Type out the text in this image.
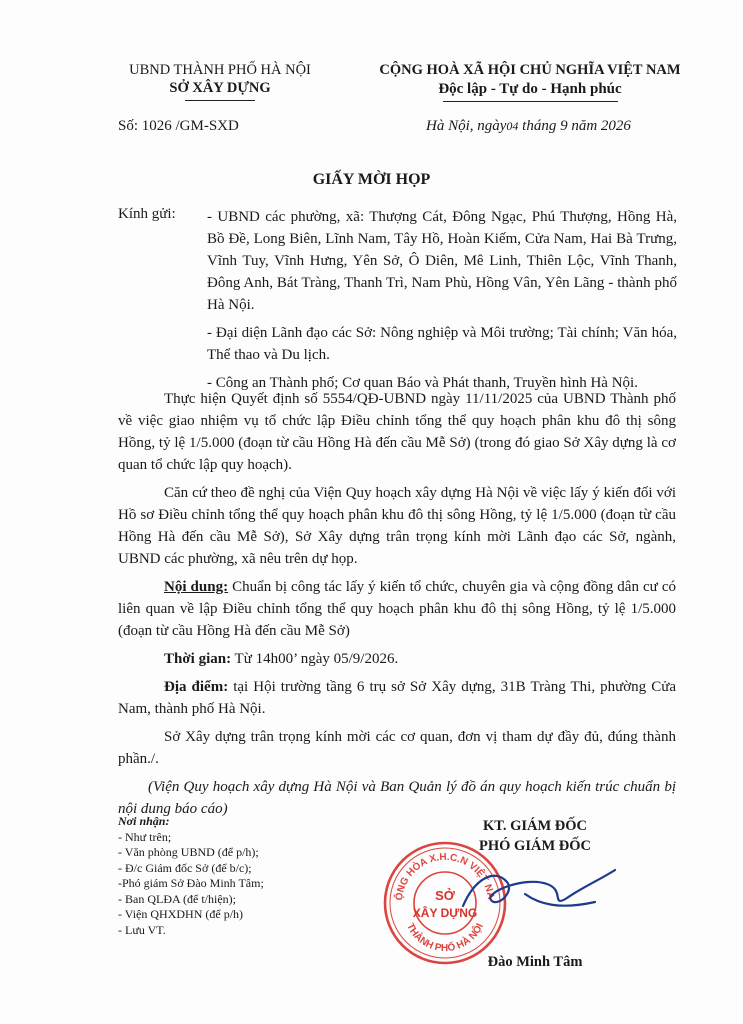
UBND THÀNH PHỐ HÀ NỘI
SỞ XÂY DỰNG
CỘNG HOÀ XÃ HỘI CHỦ NGHĨA VIỆT NAM
Độc lập - Tự do - Hạnh phúc
Số: 1026 /GM-SXD	Hà Nội, ngày04 tháng 9 năm 2026
GIẤY MỜI HỌP
Kính gửi: - UBND các phường, xã: Thượng Cát, Đông Ngạc, Phú Thượng, Hồng Hà, Bồ Đề, Long Biên, Lĩnh Nam, Tây Hồ, Hoàn Kiếm, Cửa Nam, Hai Bà Trưng, Vĩnh Tuy, Vĩnh Hưng, Yên Sở, Ô Diên, Mê Linh, Thiên Lộc, Vĩnh Thanh, Đông Anh, Bát Tràng, Thanh Trì, Nam Phù, Hồng Vân, Yên Lãng - thành phố Hà Nội.
- Đại diện Lãnh đạo các Sở: Nông nghiệp và Môi trường; Tài chính; Văn hóa, Thể thao và Du lịch.
- Công an Thành phố; Cơ quan Báo và Phát thanh, Truyền hình Hà Nội.
Thực hiện Quyết định số 5554/QĐ-UBND ngày 11/11/2025 của UBND Thành phố về việc giao nhiệm vụ tổ chức lập Điều chỉnh tổng thể quy hoạch phân khu đô thị sông Hồng, tỷ lệ 1/5.000 (đoạn từ cầu Hồng Hà đến cầu Mễ Sở) (trong đó giao Sở Xây dựng là cơ quan tổ chức lập quy hoạch).
Căn cứ theo đề nghị của Viện Quy hoạch xây dựng Hà Nội về việc lấy ý kiến đối với Hồ sơ Điều chỉnh tổng thể quy hoạch phân khu đô thị sông Hồng, tỷ lệ 1/5.000 (đoạn từ cầu Hồng Hà đến cầu Mễ Sở), Sở Xây dựng trân trọng kính mời Lãnh đạo các Sở, ngành, UBND các phường, xã nêu trên dự họp.
Nội dung: Chuẩn bị công tác lấy ý kiến tổ chức, chuyên gia và cộng đồng dân cư có liên quan về lập Điều chỉnh tổng thể quy hoạch phân khu đô thị sông Hồng, tỷ lệ 1/5.000 (đoạn từ cầu Hồng Hà đến cầu Mễ Sở)
Thời gian: Từ 14h00’ ngày 05/9/2026.
Địa điểm: tại Hội trường tầng 6 trụ sở Sở Xây dựng, 31B Tràng Thi, phường Cửa Nam, thành phố Hà Nội.
Sở Xây dựng trân trọng kính mời các cơ quan, đơn vị tham dự đầy đủ, đúng thành phần./.
(Viện Quy hoạch xây dựng Hà Nội và Ban Quản lý đồ án quy hoạch kiến trúc chuẩn bị nội dung báo cáo)
Nơi nhận:
- Như trên;
- Văn phòng UBND (để p/h);
- Đ/c Giám đốc Sở (để b/c);
-Phó giám Sở Đào Minh Tâm;
- Ban QLĐA (để t/hiện);
- Viện QHXDHN (để p/h)
- Lưu VT.
KT. GIÁM ĐỐC
PHÓ GIÁM ĐỐC
ỘNG HÒA X.H.C.N VIỆT NA
THÀNH PHỐ HÀ NỘI
SỞ
XÂY DỰNG
Đào Minh Tâm
